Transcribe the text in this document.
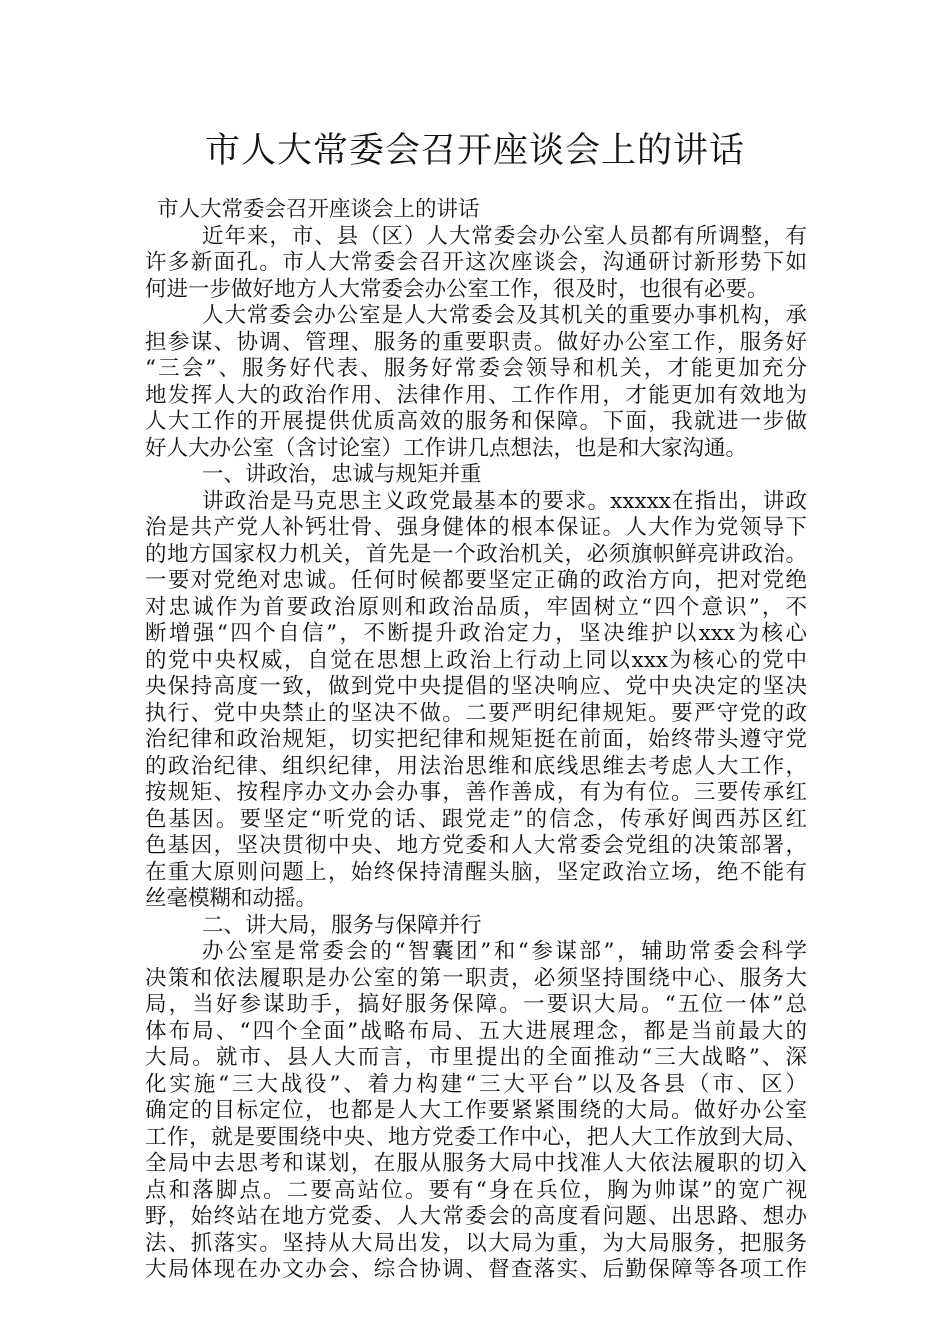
市人大常委会召开座谈会上的讲话
市人大常委会召开座谈会上的讲话
近年来，市、县（区）人大常委会办公室人员都有所调整，有
许多新面孔。市人大常委会召开这次座谈会，沟通研讨新形势下如
何进一步做好地方人大常委会办公室工作，很及时，也很有必要。
人大常委会办公室是人大常委会及其机关的重要办事机构，承
担参谋、协调、管理、服务的重要职责。做好办公室工作，服务好
“三会”、服务好代表、服务好常委会领导和机关，才能更加充分
地发挥人大的政治作用、法律作用、工作作用，才能更加有效地为
人大工作的开展提供优质高效的服务和保障。下面，我就进一步做
好人大办公室（含讨论室）工作讲几点想法，也是和大家沟通。
一、讲政治，忠诚与规矩并重
讲政治是马克思主义政党最基本的要求。xxxxx在指出，讲政
治是共产党人补钙壮骨、强身健体的根本保证。人大作为党领导下
的地方国家权力机关，首先是一个政治机关，必须旗帜鲜亮讲政治。
一要对党绝对忠诚。任何时候都要坚定正确的政治方向，把对党绝
对忠诚作为首要政治原则和政治品质，牢固树立“四个意识”，不
断增强“四个自信”，不断提升政治定力，坚决维护以xxx为核心
的党中央权威，自觉在思想上政治上行动上同以xxx为核心的党中
央保持高度一致，做到党中央提倡的坚决响应、党中央决定的坚决
执行、党中央禁止的坚决不做。二要严明纪律规矩。要严守党的政
治纪律和政治规矩，切实把纪律和规矩挺在前面，始终带头遵守党
的政治纪律、组织纪律，用法治思维和底线思维去考虑人大工作，
按规矩、按程序办文办会办事，善作善成，有为有位。三要传承红
色基因。要坚定“听党的话、跟党走”的信念，传承好闽西苏区红
色基因，坚决贯彻中央、地方党委和人大常委会党组的决策部署，
在重大原则问题上，始终保持清醒头脑，坚定政治立场，绝不能有
丝毫模糊和动摇。
二、讲大局，服务与保障并行
办公室是常委会的“智囊团”和“参谋部”，辅助常委会科学
决策和依法履职是办公室的第一职责，必须坚持围绕中心、服务大
局，当好参谋助手，搞好服务保障。一要识大局。“五位一体”总
体布局、“四个全面”战略布局、五大进展理念，都是当前最大的
大局。就市、县人大而言，市里提出的全面推动“三大战略”、深
化实施“三大战役”、着力构建“三大平台”以及各县（市、区）
确定的目标定位，也都是人大工作要紧紧围绕的大局。做好办公室
工作，就是要围绕中央、地方党委工作中心，把人大工作放到大局、
全局中去思考和谋划，在服从服务大局中找准人大依法履职的切入
点和落脚点。二要高站位。要有“身在兵位，胸为帅谋”的宽广视
野，始终站在地方党委、人大常委会的高度看问题、出思路、想办
法、抓落实。坚持从大局出发，以大局为重，为大局服务，把服务
大局体现在办文办会、综合协调、督查落实、后勤保障等各项工作
